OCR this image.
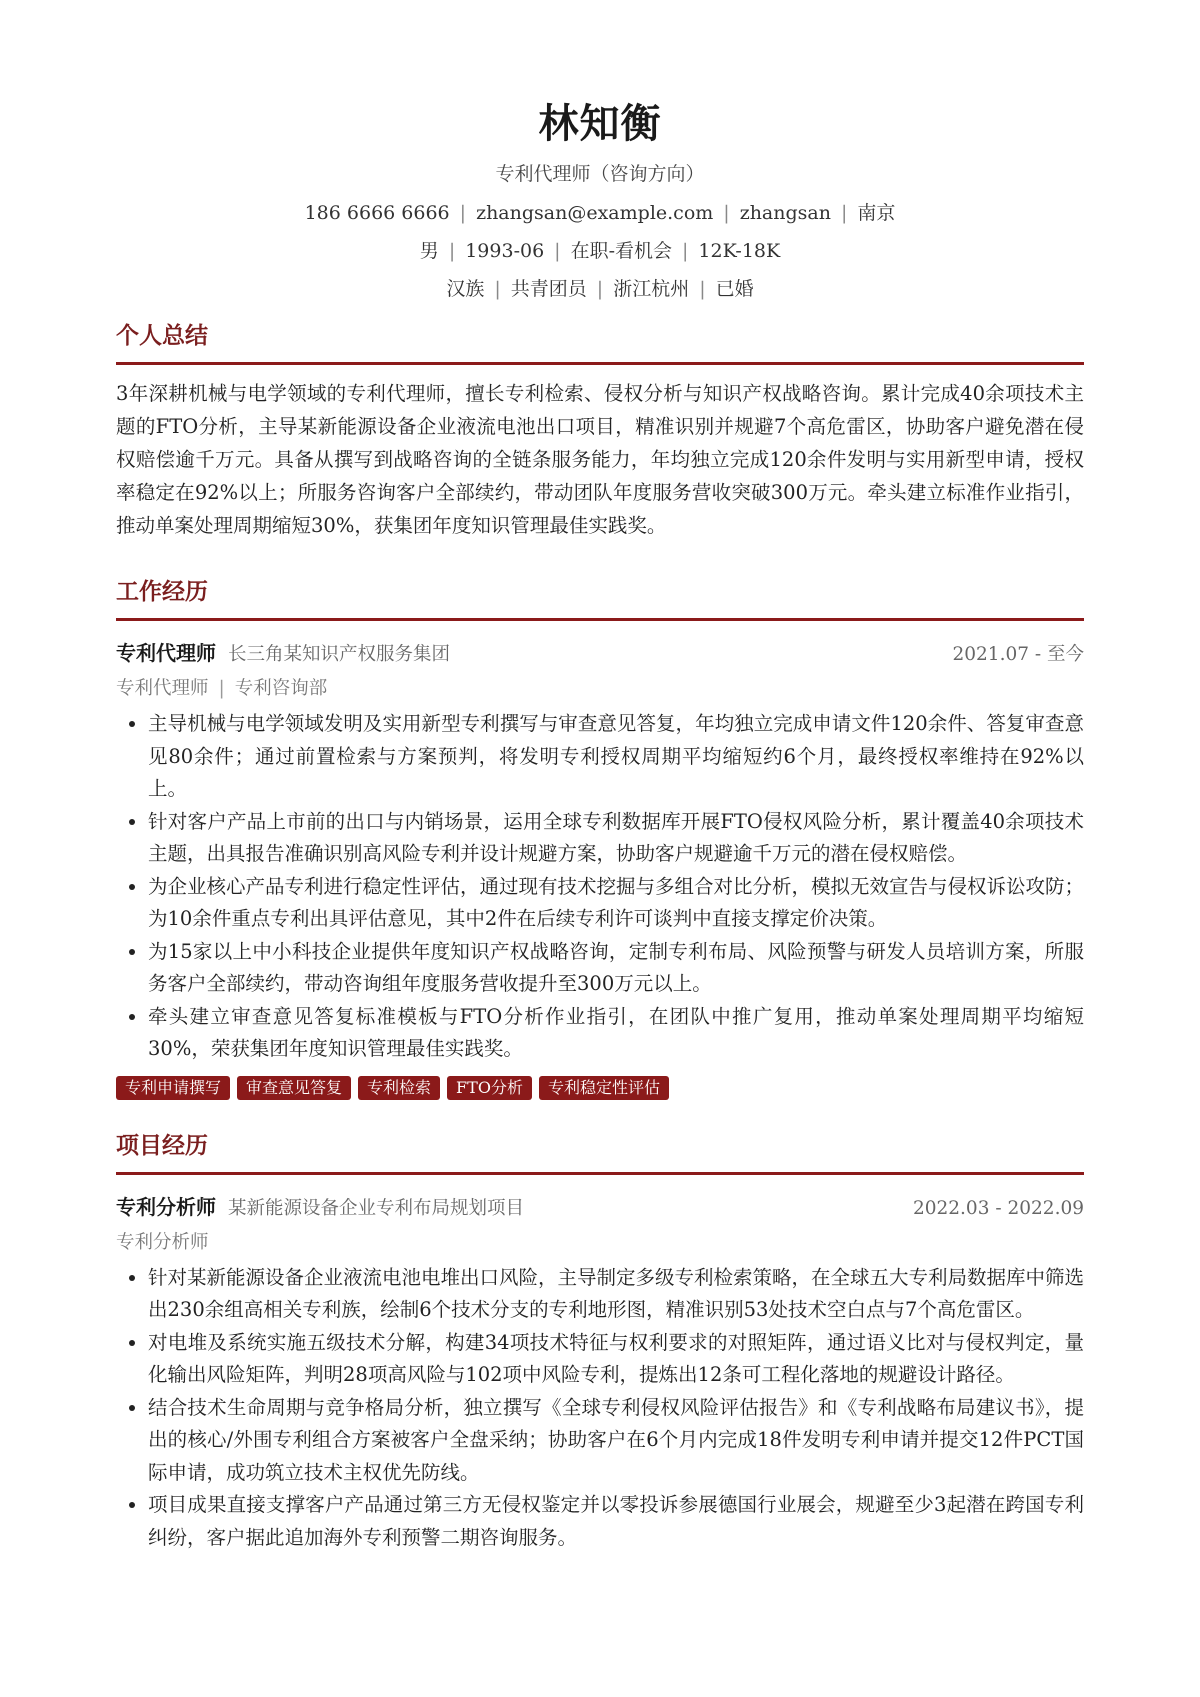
林知衡
专利代理师（咨询方向）
186 6666 6666 | zhangsan@example.com | zhangsan | 南京
男 | 1993-06 | 在职-看机会 | 12K-18K
汉族 | 共青团员 | 浙江杭州 | 已婚
个人总结
3年深耕机械与电学领域的专利代理师，擅长专利检索、侵权分析与知识产权战略咨询。累计完成40余项技术主题的FTO分析，主导某新能源设备企业液流电池出口项目，精准识别并规避7个高危雷区，协助客户避免潜在侵权赔偿逾千万元。具备从撰写到战略咨询的全链条服务能力，年均独立完成120余件发明与实用新型申请，授权率稳定在92%以上；所服务咨询客户全部续约，带动团队年度服务营收突破300万元。牵头建立标准作业指引，推动单案处理周期缩短30%，获集团年度知识管理最佳实践奖。
工作经历
专利代理师 长三角某知识产权服务集团	2021.07 - 至今
专利代理师 | 专利咨询部
• 主导机械与电学领域发明及实用新型专利撰写与审查意见答复，年均独立完成申请文件120余件、答复审查意见80余件；通过前置检索与方案预判，将发明专利授权周期平均缩短约6个月，最终授权率维持在92%以上。
• 针对客户产品上市前的出口与内销场景，运用全球专利数据库开展FTO侵权风险分析，累计覆盖40余项技术主题，出具报告准确识别高风险专利并设计规避方案，协助客户规避逾千万元的潜在侵权赔偿。
• 为企业核心产品专利进行稳定性评估，通过现有技术挖掘与多组合对比分析，模拟无效宣告与侵权诉讼攻防；为10余件重点专利出具评估意见，其中2件在后续专利许可谈判中直接支撑定价决策。
• 为15家以上中小科技企业提供年度知识产权战略咨询，定制专利布局、风险预警与研发人员培训方案，所服务客户全部续约，带动咨询组年度服务营收提升至300万元以上。
• 牵头建立审查意见答复标准模板与FTO分析作业指引，在团队中推广复用，推动单案处理周期平均缩短30%，荣获集团年度知识管理最佳实践奖。
专利申请撰写	审查意见答复	专利检索	FTO分析	专利稳定性评估
项目经历
专利分析师 某新能源设备企业专利布局规划项目	2022.03 - 2022.09
专利分析师
• 针对某新能源设备企业液流电池电堆出口风险，主导制定多级专利检索策略，在全球五大专利局数据库中筛选出230余组高相关专利族，绘制6个技术分支的专利地形图，精准识别53处技术空白点与7个高危雷区。
• 对电堆及系统实施五级技术分解，构建34项技术特征与权利要求的对照矩阵，通过语义比对与侵权判定，量化输出风险矩阵，判明28项高风险与102项中风险专利，提炼出12条可工程化落地的规避设计路径。
• 结合技术生命周期与竞争格局分析，独立撰写《全球专利侵权风险评估报告》和《专利战略布局建议书》，提出的核心/外围专利组合方案被客户全盘采纳；协助客户在6个月内完成18件发明专利申请并提交12件PCT国际申请，成功筑立技术主权优先防线。
• 项目成果直接支撑客户产品通过第三方无侵权鉴定并以零投诉参展德国行业展会，规避至少3起潜在跨国专利纠纷，客户据此追加海外专利预警二期咨询服务。
